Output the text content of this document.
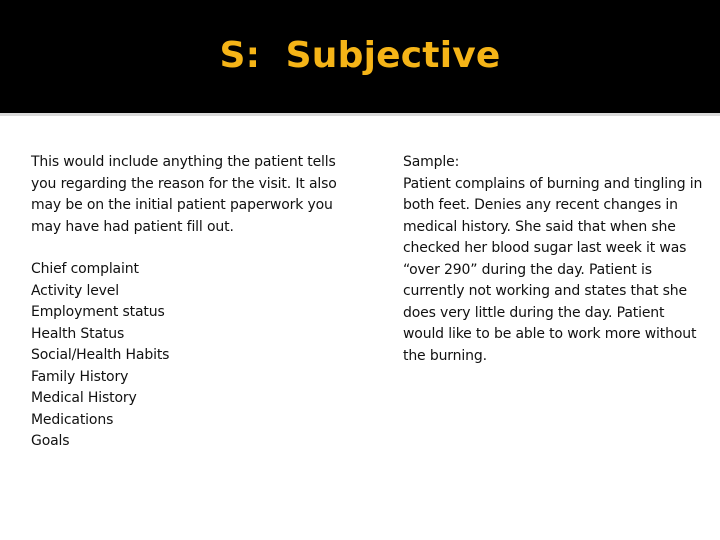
S:  Subjective

This would include anything the patient tells you regarding the reason for the visit. It also may be on the initial patient paperwork you may have had patient fill out.

Chief complaint
Activity level
Employment status
Health Status
Social/Health Habits
Family History
Medical History
Medications
Goals

Sample:

Patient complains of burning and tingling in both feet. Denies any recent changes in medical history. She said that when she checked her blood sugar last week it was “over 290” during the day. Patient is currently not working and states that she does very little during the day. Patient would like to be able to work more without the burning.
